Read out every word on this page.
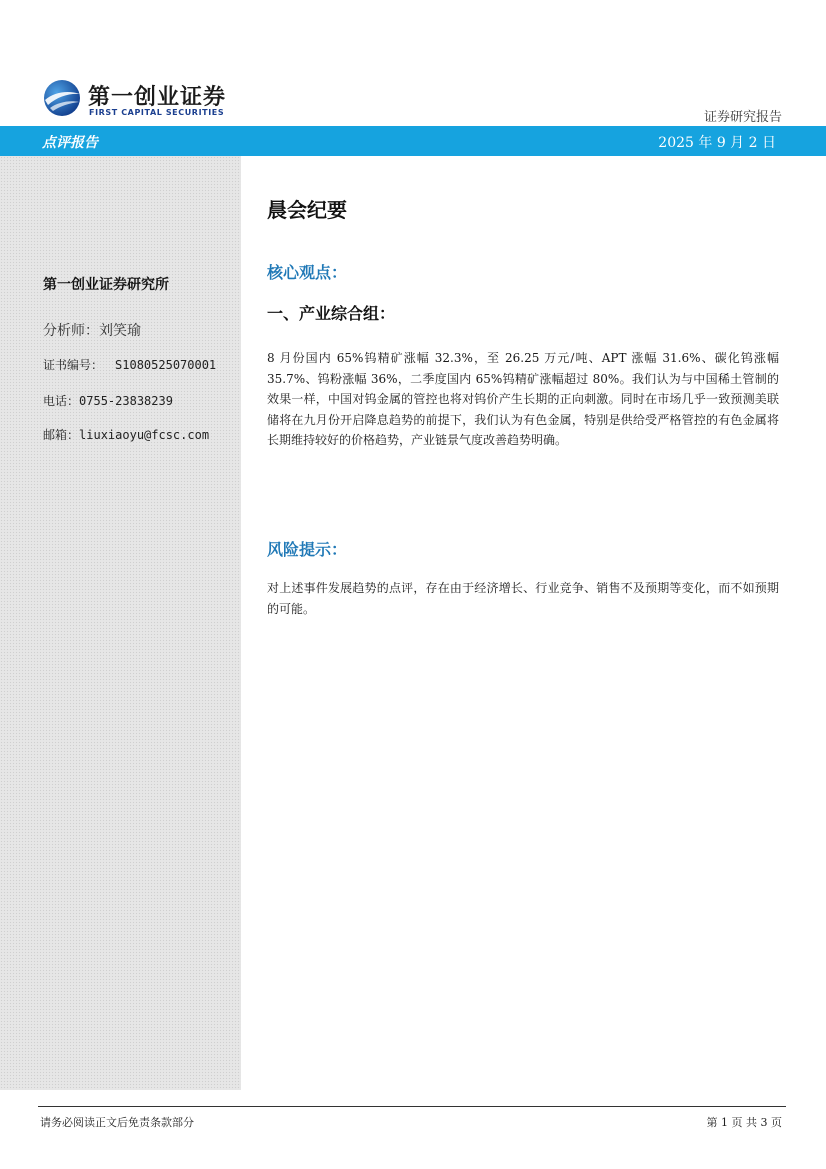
第一创业证券
FIRST CAPITAL SECURITIES	证券研究报告
点评报告	2025 年 9 月 2 日
第一创业证券研究所
分析师：刘笑瑜
证书编号： S1080525070001
电话：0755-23838239
邮箱：liuxiaoyu@fcsc.com
晨会纪要
核心观点：
一、产业综合组：

8 月份国内 65%钨精矿涨幅 32.3%，至 26.25 万元/吨、APT 涨幅 31.6%、碳化钨涨幅 35.7%、钨粉涨幅 36%，二季度国内 65%钨精矿涨幅超过 80%。我们认为与中国稀土管制的效果一样，中国对钨金属的管控也将对钨价产生长期的正向刺激。同时在市场几乎一致预测美联储将在九月份开启降息趋势的前提下，我们认为有色金属，特别是供给受严格管控的有色金属将长期维持较好的价格趋势，产业链景气度改善趋势明确。

风险提示：

对上述事件发展趋势的点评，存在由于经济增长、行业竞争、销售不及预期等变化，而不如预期的可能。

请务必阅读正文后免责条款部分	第 1 页 共 3 页
